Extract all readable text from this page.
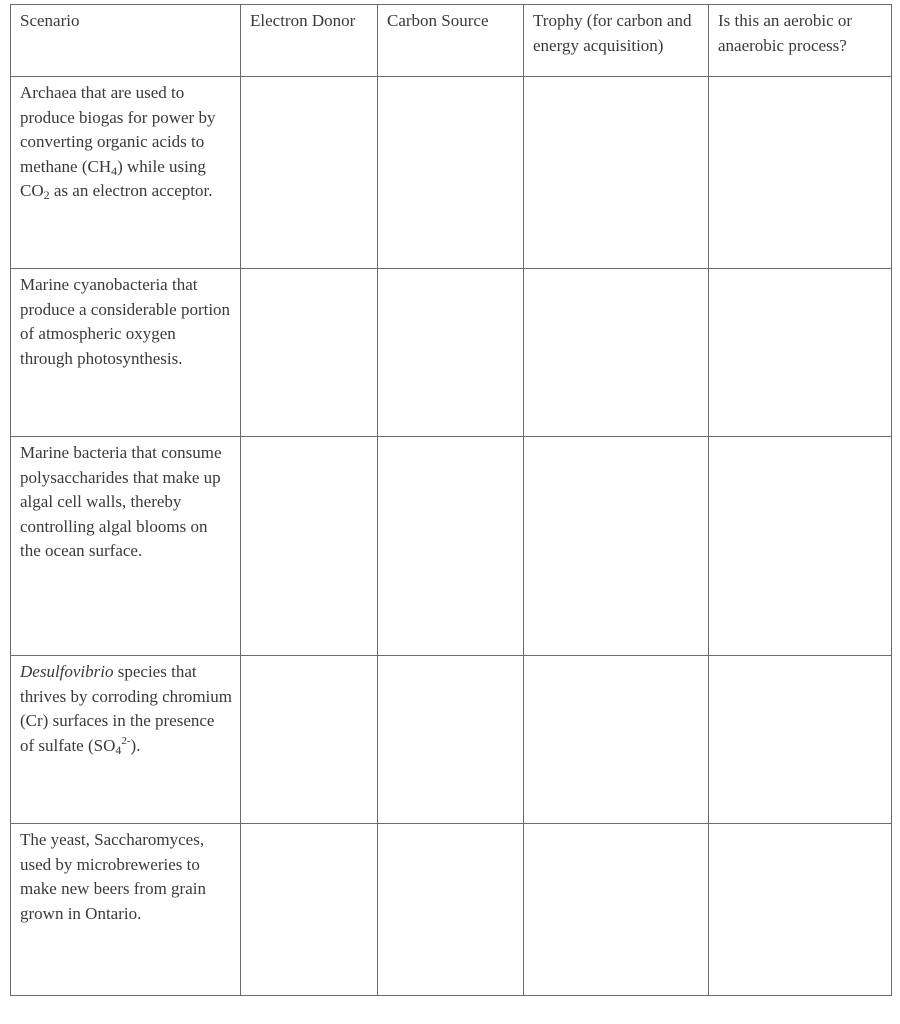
Scenario	Electron Donor	Carbon Source	Trophy (for carbon and energy acquisition)	Is this an aerobic or anaerobic process?
Archaea that are used to produce biogas for power by converting organic acids to methane $(CH_4)$ while using $CO_2$ as an electron acceptor.				
Marine cyanobacteria that produce a considerable portion of atmospheric oxygen through photosynthesis.				
Marine bacteria that consume polysaccharides that make up algal cell walls, thereby controlling algal blooms on the ocean surface.				
Desulfovibrio species that thrives by corroding chromium (Cr) surfaces in the presence of sulfate $(SO_4^{2-})$.				
The yeast, Saccharomyces, used by microbreweries to make new beers from grain grown in Ontario.				
